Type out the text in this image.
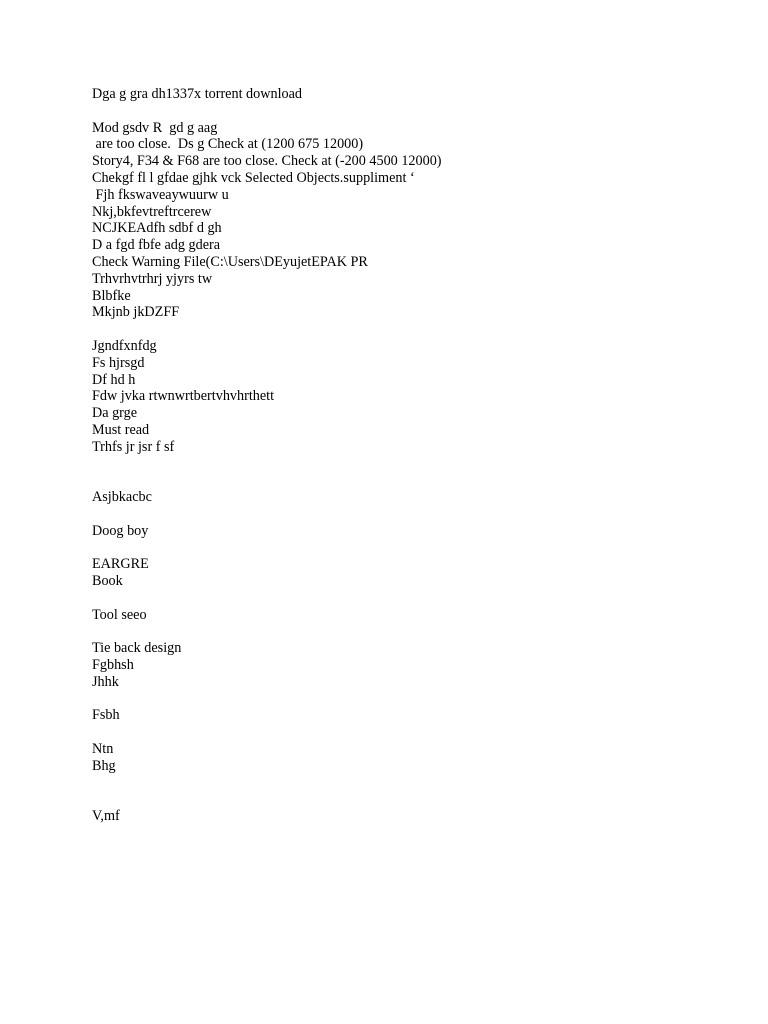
Dga g gra dh1337x torrent download
Mod gsdv R  gd g aag
are too close.  Ds g Check at (1200 675 12000)
Story4, F34 & F68 are too close. Check at (-200 4500 12000)
Chekgf fl l gfdae gjhk vck Selected Objects.suppliment ‘
Fjh fkswaveaywuurw u
Nkj,bkfevtreftrcerew
NCJKEAdfh sdbf d gh
D a fgd fbfe adg gdera
Check Warning File(C:\Users\DEyujetEPAK PR
Trhvrhvtrhrj yjyrs tw
Blbfke
Mkjnb jkDZFF
Jgndfxnfdg
Fs hjrsgd
Df hd h
Fdw jvka rtwnwrtbertvhvhrthett
Da grge
Must read
Trhfs jr jsr f sf
Asjbkacbc
Doog boy
EARGRE
Book
Tool seeo
Tie back design
Fgbhsh
Jhhk
Fsbh
Ntn
Bhg
V,mf
